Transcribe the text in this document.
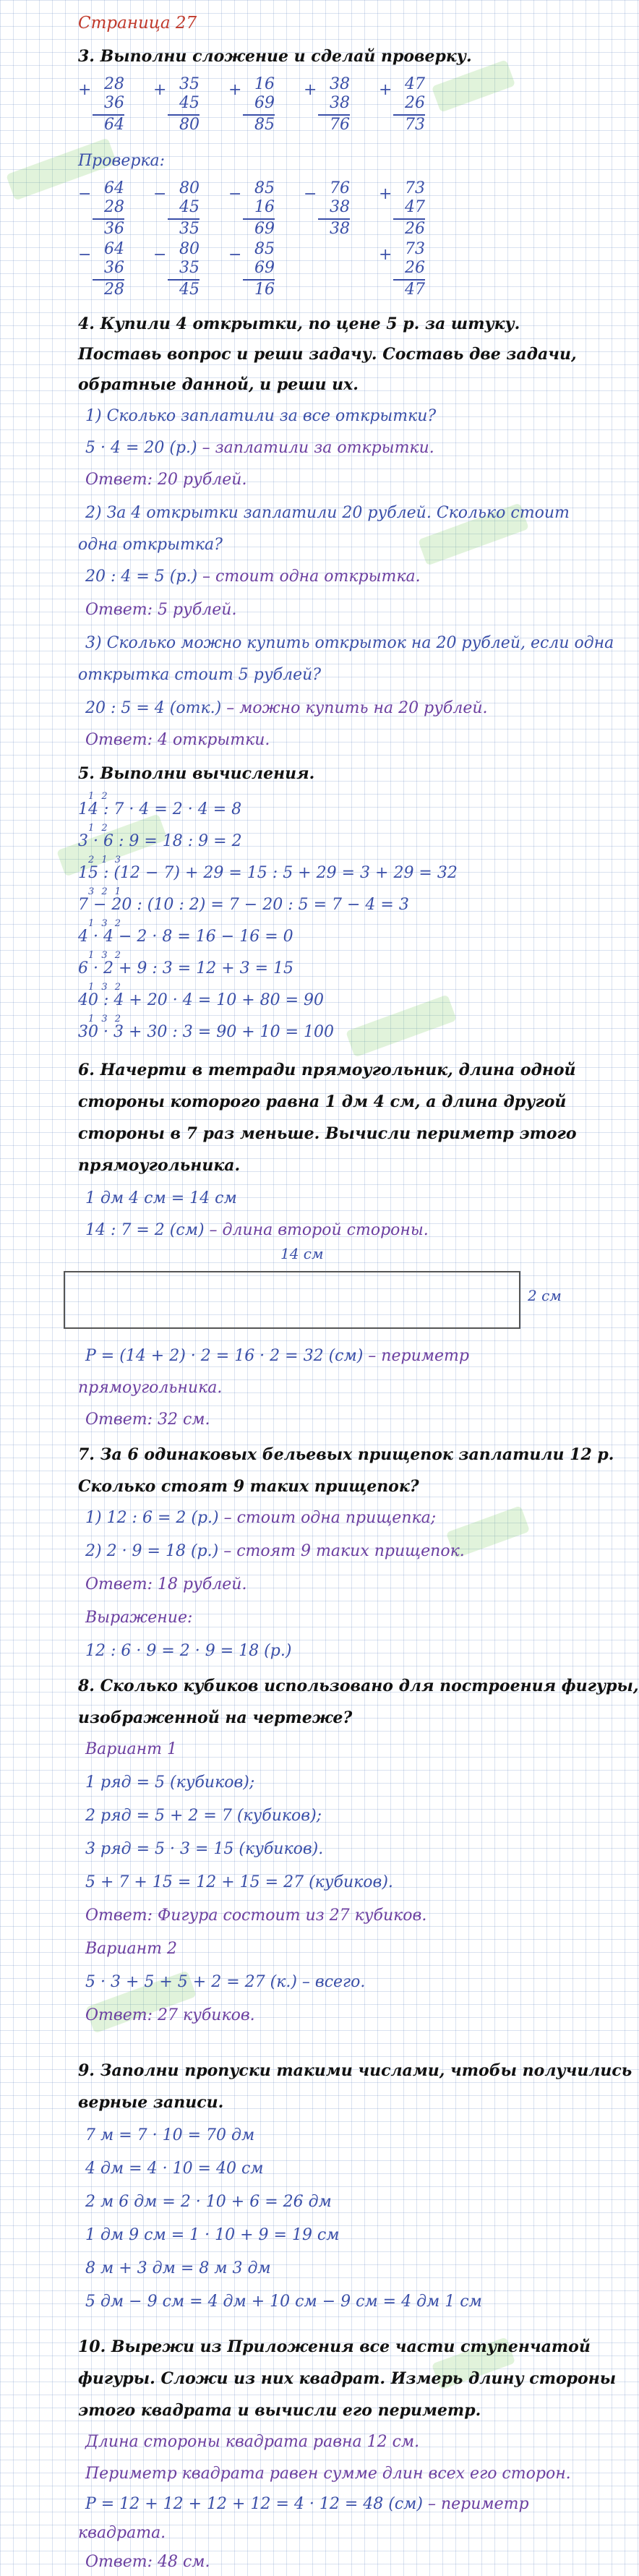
Страница 27
3. Выполни сложение и сделай проверку.
+ 28
36
64
+ 35
45
80
+ 16
69
85
+ 38
38
76
+ 47
26
73
Проверка:
− 64
28
36
− 80
45
35
− 85
16
69
− 76
38
38
+ 73
47
26
− 64
36
28
− 80
35
45
− 85
69
16
+ 73
26
47
4. Купили 4 открытки, по цене 5 р. за штуку.
Поставь вопрос и реши задачу. Составь две задачи,
обратные данной, и реши их.
1) Сколько заплатили за все открытки?
5 · 4 = 20 (р.) – заплатили за открытки.
Ответ: 20 рублей.
2) За 4 открытки заплатили 20 рублей. Сколько стоит
одна открытка?
20 : 4 = 5 (р.) – стоит одна открытка.
Ответ: 5 рублей.
3) Сколько можно купить открыток на 20 рублей, если одна
открытка стоит 5 рублей?
20 : 5 = 4 (отк.) – можно купить на 20 рублей.
Ответ: 4 открытки.
5. Выполни вычисления.
1 2
14 : 7 · 4 = 2 · 4 = 8
1 2
3 · 6 : 9 = 18 : 9 = 2
2 1 3
15 : (12 − 7) + 29 = 15 : 5 + 29 = 3 + 29 = 32
3 2 1
7 − 20 : (10 : 2) = 7 − 20 : 5 = 7 − 4 = 3
1 3 2
4 · 4 − 2 · 8 = 16 − 16 = 0
1 3 2
6 · 2 + 9 : 3 = 12 + 3 = 15
1 3 2
40 : 4 + 20 · 4 = 10 + 80 = 90
1 3 2
30 · 3 + 30 : 3 = 90 + 10 = 100
6. Начерти в тетради прямоугольник, длина одной
стороны которого равна 1 дм 4 см, а длина другой
стороны в 7 раз меньше. Вычисли периметр этого
прямоугольника.
1 дм 4 см = 14 см
14 : 7 = 2 (см) – длина второй стороны.
14 см
2 см
P = (14 + 2) · 2 = 16 · 2 = 32 (см) – периметр
прямоугольника.
Ответ: 32 см.
7. За 6 одинаковых бельевых прищепок заплатили 12 р.
Сколько стоят 9 таких прищепок?
1) 12 : 6 = 2 (р.) – стоит одна прищепка;
2) 2 · 9 = 18 (р.) – стоят 9 таких прищепок.
Ответ: 18 рублей.
Выражение:
12 : 6 · 9 = 2 · 9 = 18 (р.)
8. Сколько кубиков использовано для построения фигуры,
изображенной на чертеже?
Вариант 1
1 ряд = 5 (кубиков);
2 ряд = 5 + 2 = 7 (кубиков);
3 ряд = 5 · 3 = 15 (кубиков).
5 + 7 + 15 = 12 + 15 = 27 (кубиков).
Ответ: Фигура состоит из 27 кубиков.
Вариант 2
5 · 3 + 5 + 5 + 2 = 27 (к.) – всего.
Ответ: 27 кубиков.
9. Заполни пропуски такими числами, чтобы получились
верные записи.
7 м = 7 · 10 = 70 дм
4 дм = 4 · 10 = 40 см
2 м 6 дм = 2 · 10 + 6 = 26 дм
1 дм 9 см = 1 · 10 + 9 = 19 см
8 м + 3 дм = 8 м 3 дм
5 дм − 9 см = 4 дм + 10 см − 9 см = 4 дм 1 см
10. Вырежи из Приложения все части ступенчатой
фигуры. Сложи из них квадрат. Измерь длину стороны
этого квадрата и вычисли его периметр.
Длина стороны квадрата равна 12 см.
Периметр квадрата равен сумме длин всех его сторон.
P = 12 + 12 + 12 + 12 = 4 · 12 = 48 (см) – периметр
квадрата.
Ответ: 48 см.
